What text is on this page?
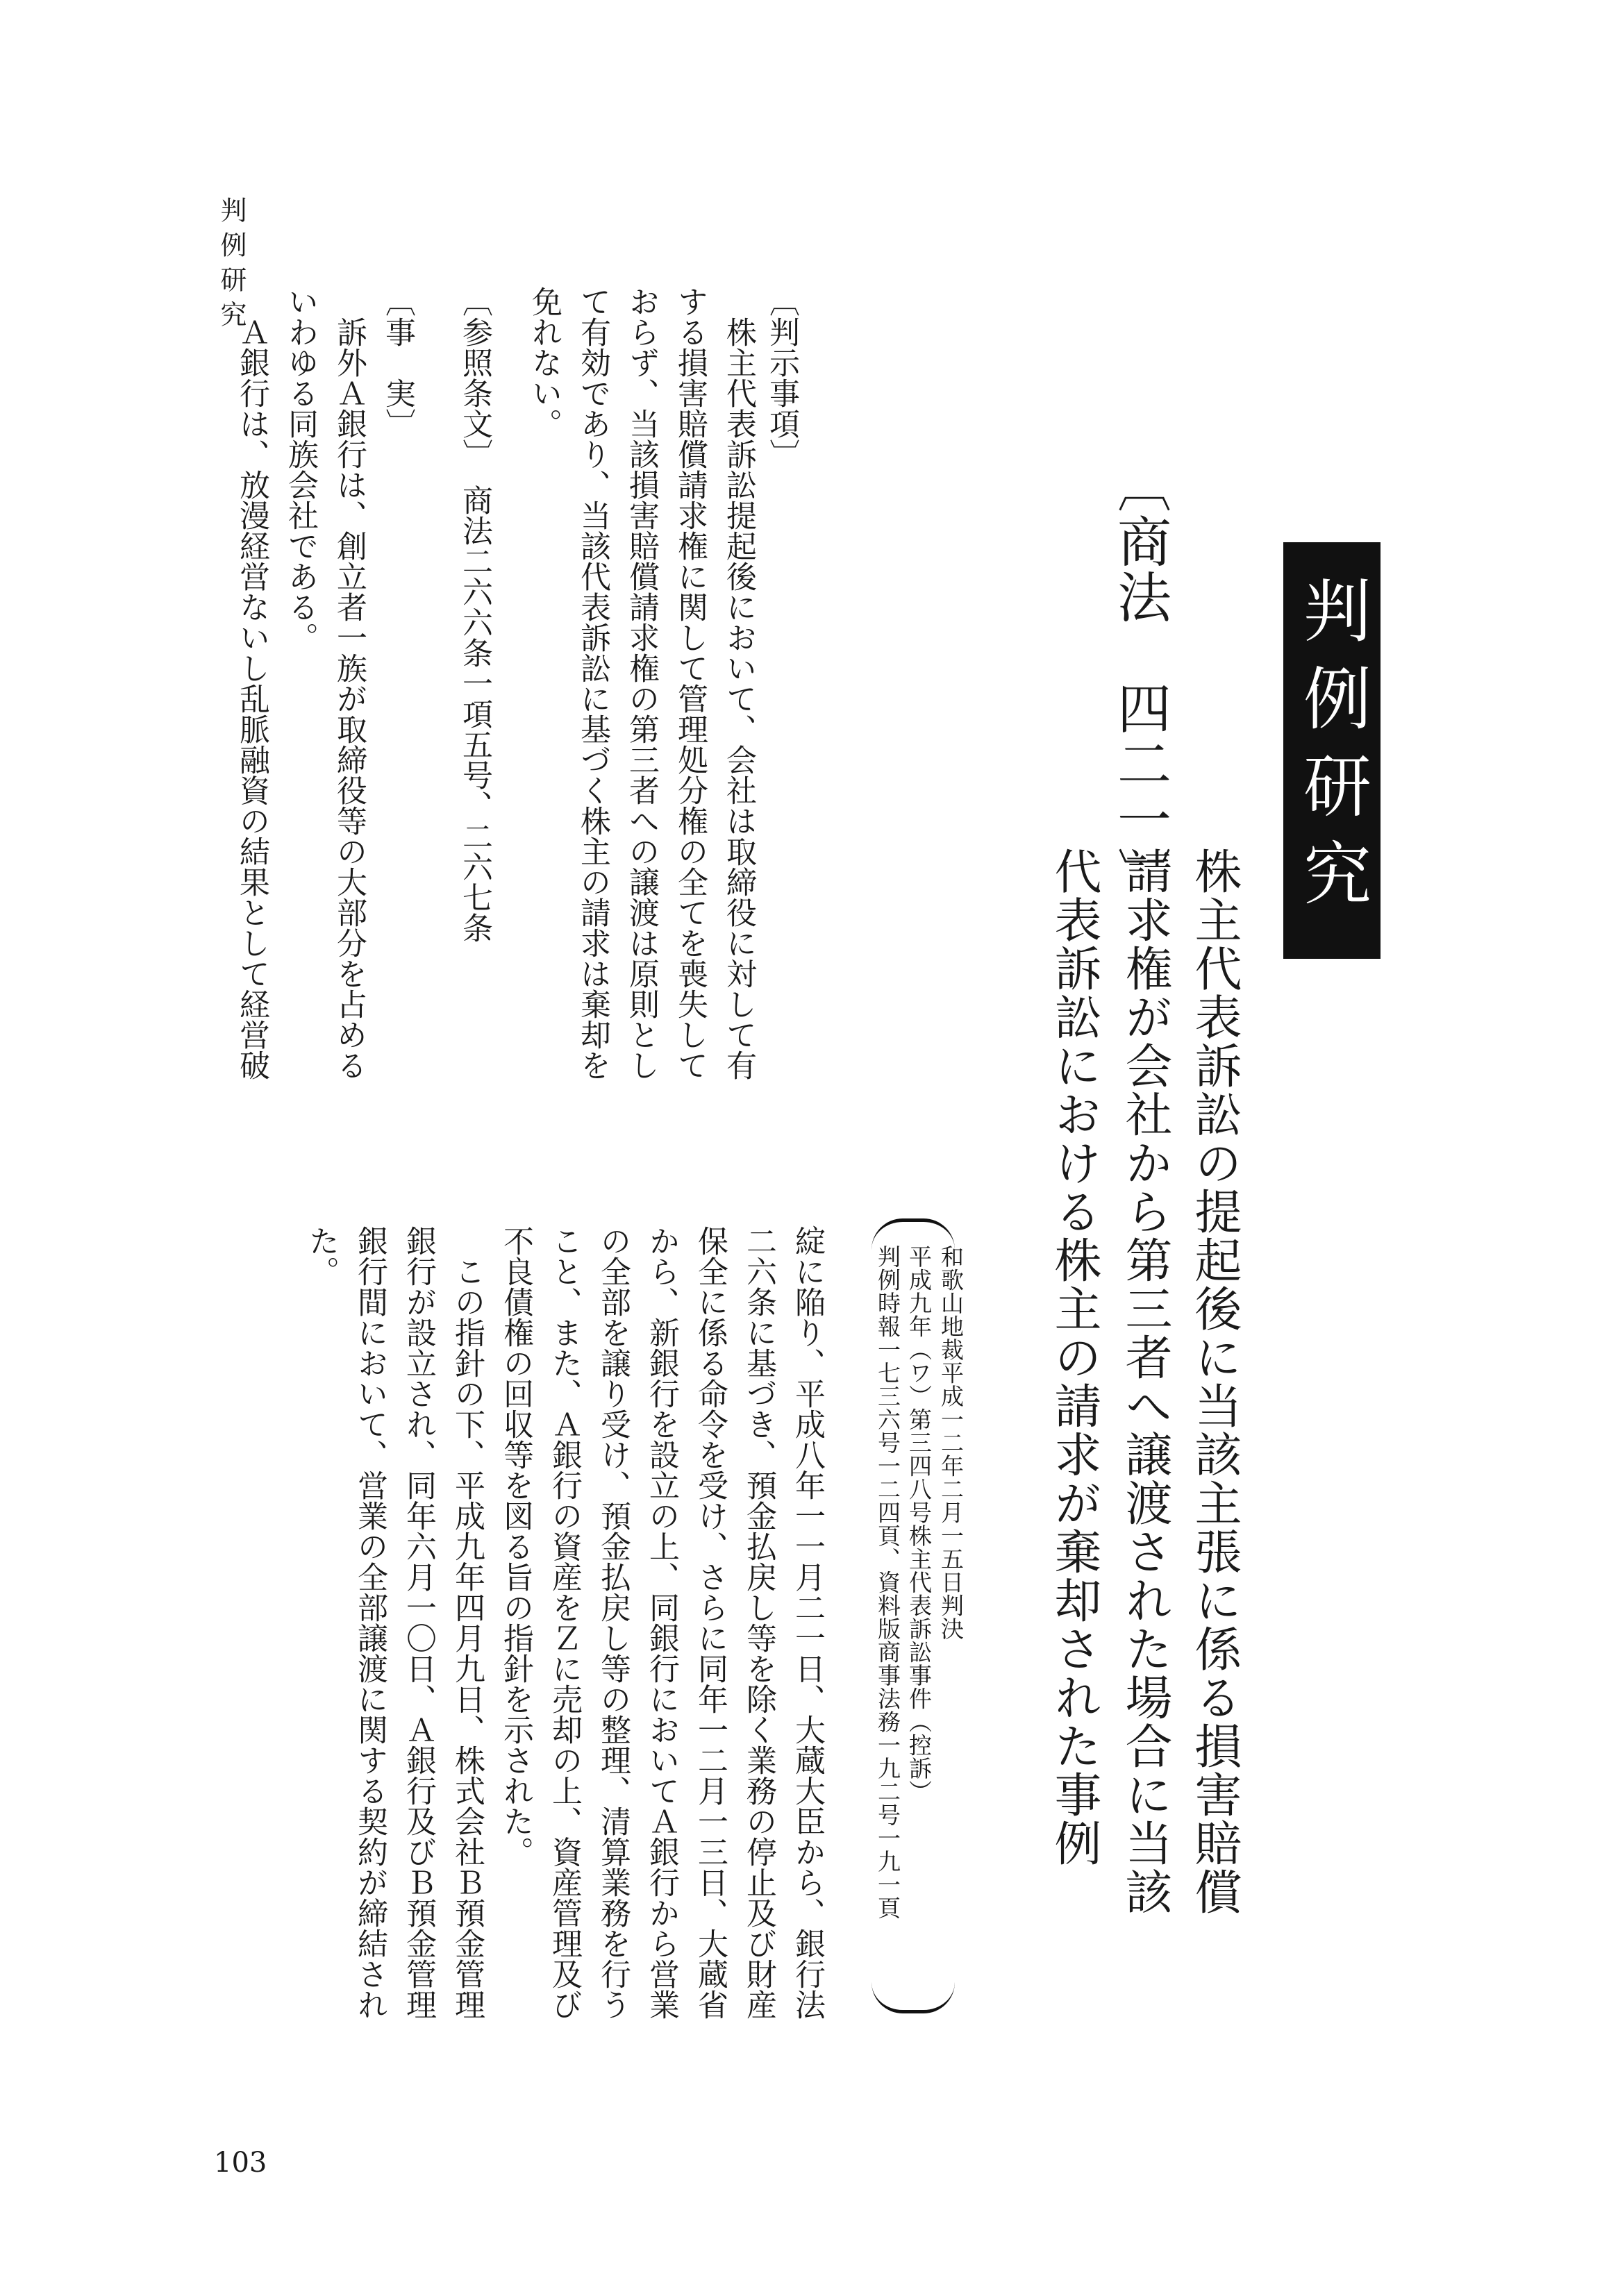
判例研究
判例研究
〔商法　四二一〕
株主代表訴訟の提起後に当該主張に係る損害賠償
請求権が会社から第三者へ譲渡された場合に当該
代表訴訟における株主の請求が棄却された事例
和歌山地裁平成一二年二月一五日判決
平成九年（ワ）第三四八号株主代表訴訟事件（控訴）
判例時報一七三六号一二四頁、資料版商事法務一九二号一九一頁
〔判示事項〕
　株主代表訴訟提起後において、会社は取締役に対して有
する損害賠償請求権に関して管理処分権の全てを喪失して
おらず、当該損害賠償請求権の第三者への譲渡は原則とし
て有効であり、当該代表訴訟に基づく株主の請求は棄却を
免れない。
〔参照条文〕　商法二六六条一項五号、二六七条
〔事　実〕
　訴外Ａ銀行は、創立者一族が取締役等の大部分を占める
いわゆる同族会社である。
　Ａ銀行は、放漫経営ないし乱脈融資の結果として経営破
綻に陥り、平成八年一一月二一日、大蔵大臣から、銀行法
二六条に基づき、預金払戻し等を除く業務の停止及び財産
保全に係る命令を受け、さらに同年一二月一三日、大蔵省
から、新銀行を設立の上、同銀行においてＡ銀行から営業
の全部を譲り受け、預金払戻し等の整理、清算業務を行う
こと、また、Ａ銀行の資産をＺに売却の上、資産管理及び
不良債権の回収等を図る旨の指針を示された。
　この指針の下、平成九年四月九日、株式会社Ｂ預金管理
銀行が設立され、同年六月一〇日、Ａ銀行及びＢ預金管理
銀行間において、営業の全部譲渡に関する契約が締結され
た。
103
